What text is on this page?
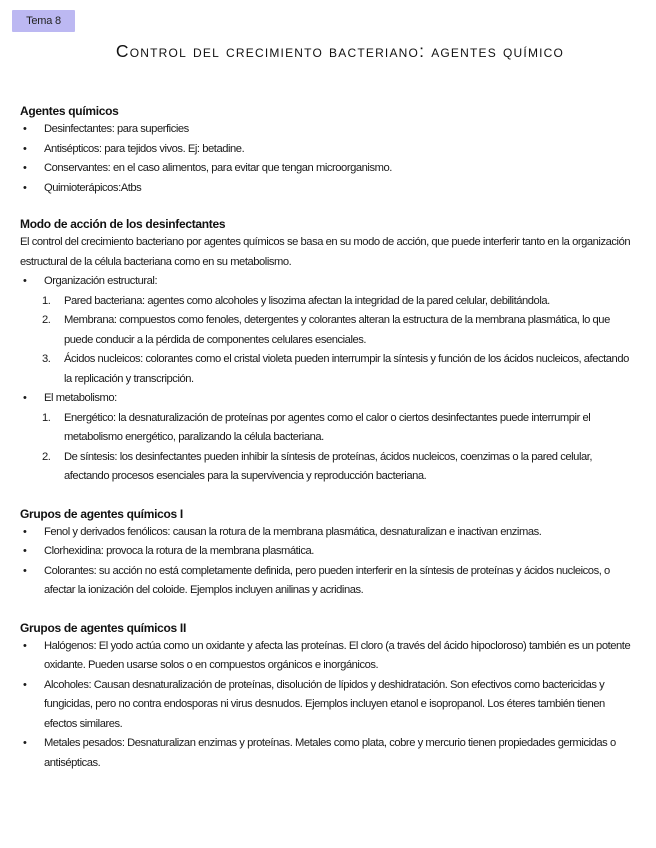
Tema 8
Control del crecimiento bacteriano: agentes químico

Agentes químicos

• Desinfectantes: para superficies
• Antisépticos: para tejidos vivos. Ej: betadine.
• Conservantes: en el caso alimentos, para evitar que tengan microorganismo.
• Quimioterápicos:Atbs

Modo de acción de los desinfectantes

El control del crecimiento bacteriano por agentes químicos se basa en su modo de acción, que puede interferir tanto en la organización estructural de la célula bacteriana como en su metabolismo.

• Organización estructural:
1. Pared bacteriana: agentes como alcoholes y lisozima afectan la integridad de la pared celular, debilitándola.
2. Membrana: compuestos como fenoles, detergentes y colorantes alteran la estructura de la membrana plasmática, lo que puede conducir a la pérdida de componentes celulares esenciales.
3. Ácidos nucleicos: colorantes como el cristal violeta pueden interrumpir la síntesis y función de los ácidos nucleicos, afectando la replicación y transcripción.
• El metabolismo:
1. Energético: la desnaturalización de proteínas por agentes como el calor o ciertos desinfectantes puede interrumpir el metabolismo energético, paralizando la célula bacteriana.
2. De síntesis: los desinfectantes pueden inhibir la síntesis de proteínas, ácidos nucleicos, coenzimas o la pared celular, afectando procesos esenciales para la supervivencia y reproducción bacteriana.

Grupos de agentes químicos I

• Fenol y derivados fenólicos: causan la rotura de la membrana plasmática, desnaturalizan e inactivan enzimas.
• Clorhexidina: provoca la rotura de la membrana plasmática.
• Colorantes: su acción no está completamente definida, pero pueden interferir en la síntesis de proteínas y ácidos nucleicos, o afectar la ionización del coloide. Ejemplos incluyen anilinas y acridinas.

Grupos de agentes químicos II

• Halógenos: El yodo actúa como un oxidante y afecta las proteínas. El cloro (a través del ácido hipocloroso) también es un potente oxidante. Pueden usarse solos o en compuestos orgánicos e inorgánicos.
• Alcoholes: Causan desnaturalización de proteínas, disolución de lípidos y deshidratación. Son efectivos como bactericidas y fungicidas, pero no contra endosporas ni virus desnudos. Ejemplos incluyen etanol e isopropanol. Los éteres también tienen efectos similares.
• Metales pesados: Desnaturalizan enzimas y proteínas. Metales como plata, cobre y mercurio tienen propiedades germicidas o antisépticas.
